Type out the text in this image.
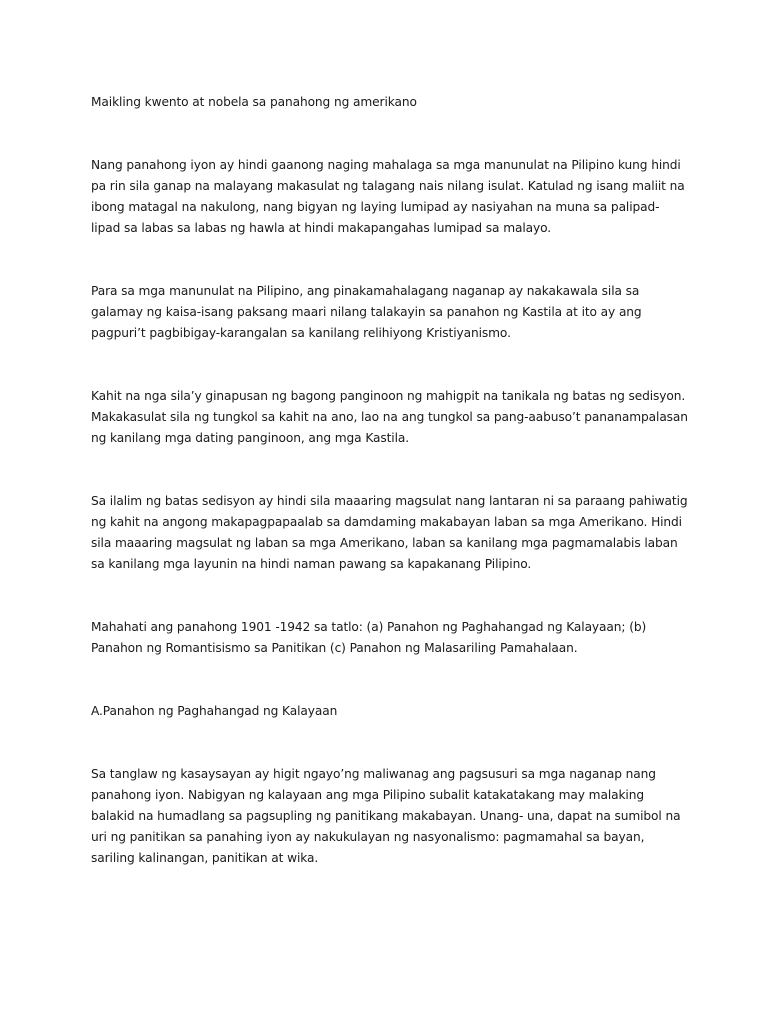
Maikling kwento at nobela sa panahong ng amerikano

Nang panahong iyon ay hindi gaanong naging mahalaga sa mga manunulat na Pilipino kung hindi pa rin sila ganap na malayang makasulat ng talagang nais nilang isulat. Katulad ng isang maliit na ibong matagal na nakulong, nang bigyan ng laying lumipad ay nasiyahan na muna sa palipad- lipad sa labas sa labas ng hawla at hindi makapangahas lumipad sa malayo.

Para sa mga manunulat na Pilipino, ang pinakamahalagang naganap ay nakakawala sila sa galamay ng kaisa-isang paksang maari nilang talakayin sa panahon ng Kastila at ito ay ang pagpuri’t pagbibigay-karangalan sa kanilang relihiyong Kristiyanismo.

Kahit na nga sila’y ginapusan ng bagong panginoon ng mahigpit na tanikala ng batas ng sedisyon. Makakasulat sila ng tungkol sa kahit na ano, lao na ang tungkol sa pang-aabuso’t pananampalasan ng kanilang mga dating panginoon, ang mga Kastila.

Sa ilalim ng batas sedisyon ay hindi sila maaaring magsulat nang lantaran ni sa paraang pahiwatig ng kahit na angong makapagpapaalab sa damdaming makabayan laban sa mga Amerikano. Hindi sila maaaring magsulat ng laban sa mga Amerikano, laban sa kanilang mga pagmamalabis laban sa kanilang mga layunin na hindi naman pawang sa kapakanang Pilipino.

Mahahati ang panahong 1901 -1942 sa tatlo: (a) Panahon ng Paghahangad ng Kalayaan; (b) Panahon ng Romantisismo sa Panitikan (c) Panahon ng Malasariling Pamahalaan.

A.Panahon ng Paghahangad ng Kalayaan

Sa tanglaw ng kasaysayan ay higit ngayo’ng maliwanag ang pagsusuri sa mga naganap nang panahong iyon. Nabigyan ng kalayaan ang mga Pilipino subalit katakatakang may malaking balakid na humadlang sa pagsupling ng panitikang makabayan. Unang- una, dapat na sumibol na uri ng panitikan sa panahing iyon ay nakukulayan ng nasyonalismo: pagmamahal sa bayan, sariling kalinangan, panitikan at wika.
